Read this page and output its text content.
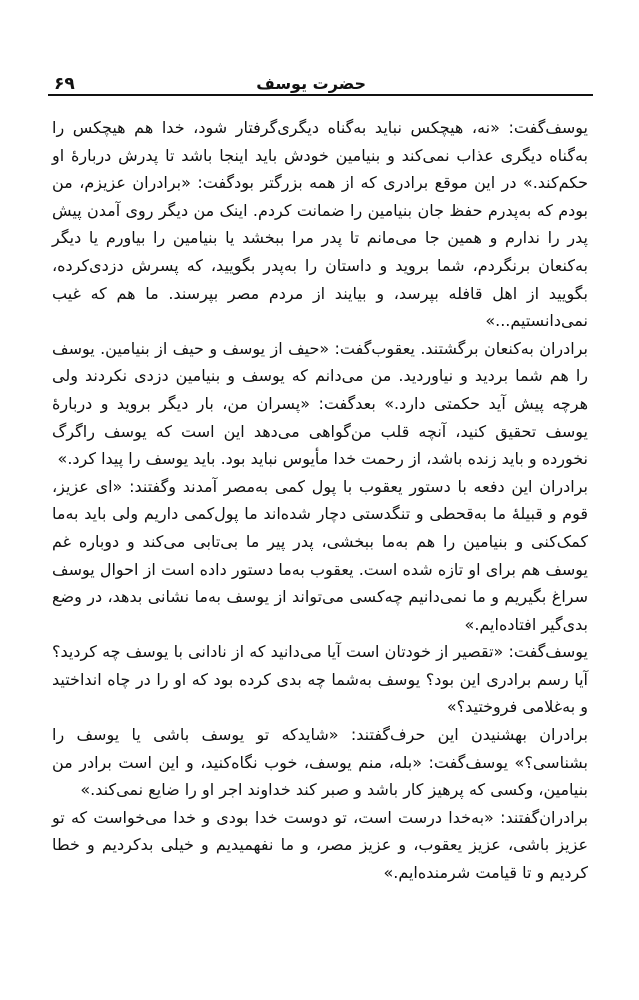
حضرت یوسف
۶۹

یوسف‌گفت: «نه، هیچکس نباید به‌گناه دیگری‌گرفتار شود، خدا هم هیچکس را به‌گناه دیگری عذاب نمی‌کند و بنیامین خودش باید اینجا باشد تا پدرش دربارهٔ او حکم‌کند.» در این موقع برادری که از همه بزرگتر بودگفت: «برادران عزیزم، من بودم که به‌پدرم حفظ جان بنیامین را ضمانت کردم. اینک من دیگر روی آمدن پیش پدر را ندارم و همین جا می‌مانم تا پدر مرا ببخشد یا بنیامین را بیاورم یا دیگر به‌کنعان برنگردم، شما بروید و داستان را به‌پدر بگویید، که پسرش دزدی‌کرده، بگویید از اهل قافله بپرسد، و بیایند از مردم مصر بپرسند. ما هم که غیب نمی‌دانستیم...»

برادران به‌کنعان برگشتند. یعقوب‌گفت: «حیف از یوسف و حیف از بنیامین. یوسف را هم شما بردید و نیاوردید. من می‌دانم که یوسف و بنیامین دزدی نکردند ولی هرچه پیش آید حکمتی دارد.» بعدگفت: «پسران من، بار دیگر بروید و دربارهٔ یوسف تحقیق کنید، آنچه قلب من‌گواهی می‌دهد این است که یوسف راگرگ نخورده و باید زنده باشد، از رحمت خدا مأیوس نباید بود. باید یوسف را پیدا کرد.»

برادران این دفعه با دستور یعقوب با پول کمی به‌مصر آمدند وگفتند: «ای عزیز، قوم و قبیلهٔ ما به‌قحطی و تنگدستی دچار شده‌اند ما پول‌کمی داریم ولی باید به‌ما کمک‌کنی و بنیامین را هم به‌ما ببخشی، پدر پیر ما بی‌تابی می‌کند و دوباره غم یوسف هم برای او تازه شده است. یعقوب به‌ما دستور داده است از احوال یوسف سراغ بگیریم و ما نمی‌دانیم چه‌کسی می‌تواند از یوسف به‌ما نشانی بدهد، در وضع بدی‌گیر افتاده‌ایم.»

یوسف‌گفت: «تقصیر از خودتان است آیا می‌دانید که از نادانی با یوسف چه کردید؟ آیا رسم برادری این بود؟ یوسف به‌شما چه بدی کرده بود که او را در چاه انداختید و به‌غلامی فروختید؟»

برادران بهشنیدن این حرف‌گفتند: «شاید‌که تو یوسف باشی یا یوسف را بشناسی؟» یوسف‌گفت: «بله، منم یوسف، خوب نگاه‌کنید، و این است برادر من بنیامین، وکسی که پرهیز کار باشد و صبر کند خداوند اجر او را ضایع نمی‌کند.»

برادران‌گفتند: «به‌خدا درست است، تو دوست خدا بودی و خدا می‌خواست که تو عزیز باشی، عزیز یعقوب، و عزیز مصر، و ما نفهمیدیم و خیلی بدکردیم و خطا کردیم و تا قیامت شرمنده‌ایم.»
